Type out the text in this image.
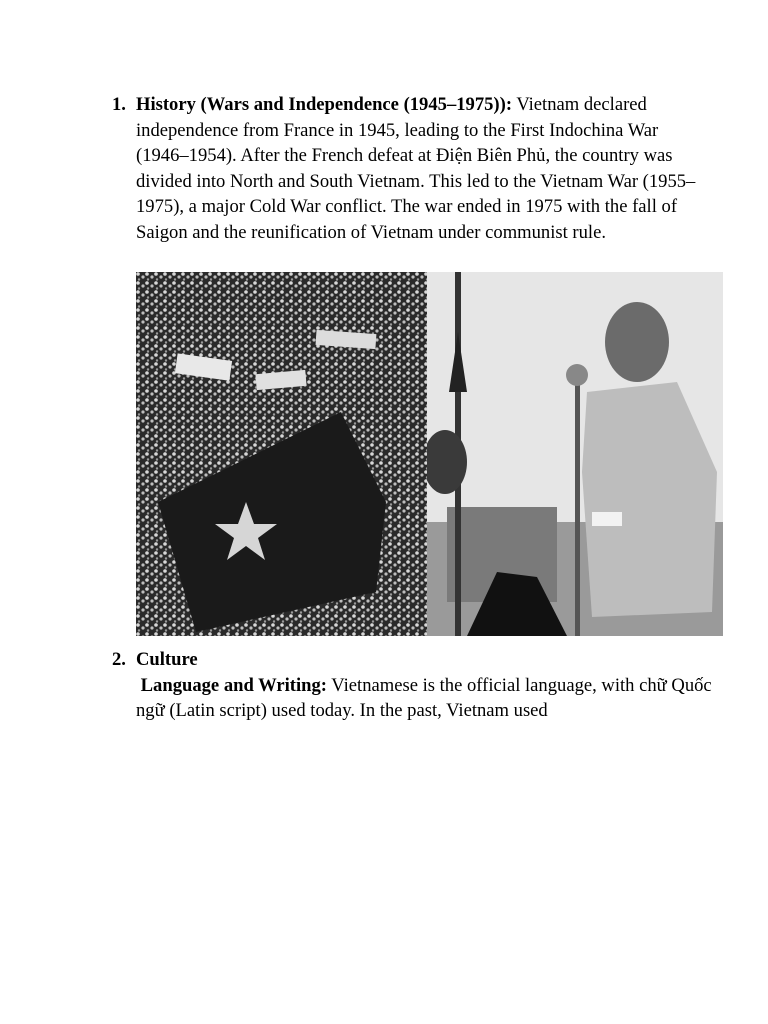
1. History (Wars and Independence (1945–1975)): Vietnam declared independence from France in 1945, leading to the First Indochina War (1946–1954). After the French defeat at Điện Biên Phủ, the country was divided into North and South Vietnam. This led to the Vietnam War (1955–1975), a major Cold War conflict. The war ended in 1975 with the fall of Saigon and the reunification of Vietnam under communist rule.
2. Culture
Language and Writing: Vietnamese is the official language, with chữ Quốc ngữ (Latin script) used today. In the past, Vietnam used
